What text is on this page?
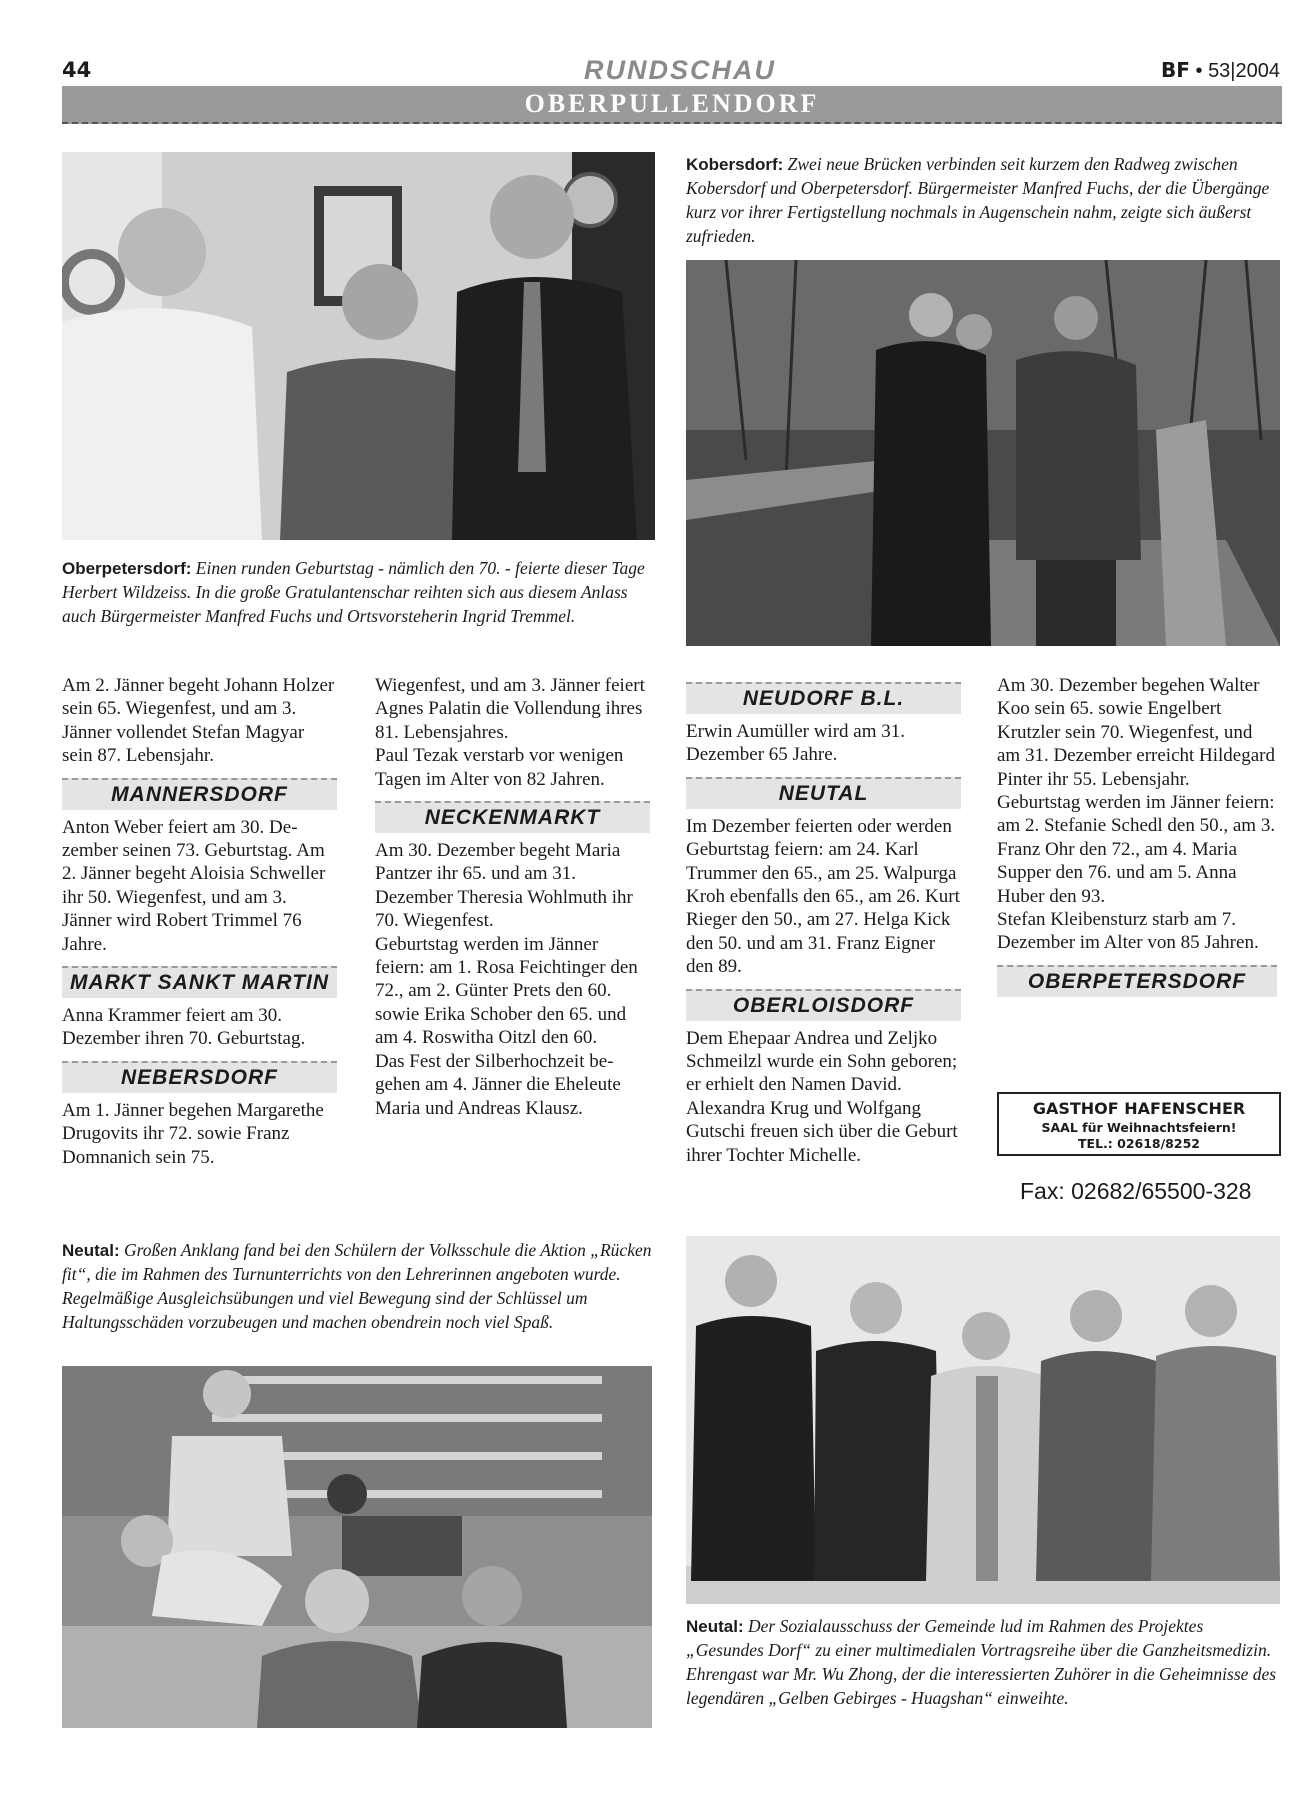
44	RUNDSCHAU	BF • 53|2004
OBERPULLENDORF
Oberpetersdorf: Einen runden Geburtstag - nämlich den 70. - feierte dieser Tage Herbert Wildzeiss. In die große Gratulantenschar reihten sich aus diesem Anlass auch Bürgermeister Manfred Fuchs und Ortsvorsteherin Ingrid Tremmel.
Kobersdorf: Zwei neue Brücken verbinden seit kurzem den Radweg zwischen Kobersdorf und Oberpetersdorf. Bürgermeister Manfred Fuchs, der die Übergänge kurz vor ihrer Fertigstellung nochmals in Augenschein nahm, zeigte sich äußerst zufrieden.

Am 2. Jänner begeht Johann Holzer sein 65. Wiegenfest, und am 3. Jänner vollendet Stefan Magyar sein 87. Lebensjahr.

MANNERSDORF

Anton Weber feiert am 30. Dezember seinen 73. Geburtstag. Am 2. Jänner begeht Aloisia Schweller ihr 50. Wiegenfest, und am 3. Jänner wird Robert Trimmel 76 Jahre.

MARKT SANKT MARTIN

Anna Krammer feiert am 30. Dezember ihren 70. Geburtstag.

NEBERSDORF

Am 1. Jänner begehen Margarethe Drugovits ihr 72. sowie Franz Domnanich sein 75.

Wiegenfest, und am 3. Jänner feiert Agnes Palatin die Vollendung ihres 81. Lebensjahres.

Paul Tezak verstarb vor wenigen Tagen im Alter von 82 Jahren.

NECKENMARKT

Am 30. Dezember begeht Maria Pantzer ihr 65. und am 31. Dezember Theresia Wohlmuth ihr 70. Wiegenfest.

Geburtstag werden im Jänner feiern: am 1. Rosa Feichtinger den 72., am 2. Günter Prets den 60. sowie Erika Schober den 65. und am 4. Roswitha Oitzl den 60.

Das Fest der Silberhochzeit begehen am 4. Jänner die Eheleute Maria und Andreas Klausz.

NEUDORF B.L.

Erwin Aumüller wird am 31. Dezember 65 Jahre.

NEUTAL

Im Dezember feierten oder werden Geburtstag feiern: am 24. Karl Trummer den 65., am 25. Walpurga Kroh ebenfalls den 65., am 26. Kurt Rieger den 50., am 27. Helga Kick den 50. und am 31. Franz Eigner den 89.

OBERLOISDORF

Dem Ehepaar Andrea und Zeljko Schmeilzl wurde ein Sohn geboren; er erhielt den Namen David. Alexandra Krug und Wolfgang Gutschi freuen sich über die Geburt ihrer Tochter Michelle.

Am 30. Dezember begehen Walter Koo sein 65. sowie Engelbert Krutzler sein 70. Wiegenfest, und am 31. Dezember erreicht Hildegard Pinter ihr 55. Lebensjahr.

Geburtstag werden im Jänner feiern: am 2. Stefanie Schedl den 50., am 3. Franz Ohr den 72., am 4. Maria Supper den 76. und am 5. Anna Huber den 93.

Stefan Kleibensturz starb am 7. Dezember im Alter von 85 Jahren.

OBERPETERSDORF
GASTHOF HAFENSCHER
SAAL für Weihnachtsfeiern!
TEL.: 02618/8252
Fax: 02682/65500-328
Neutal: Großen Anklang fand bei den Schülern der Volksschule die Aktion „Rücken fit“, die im Rahmen des Turnunterrichts von den Lehrerinnen angeboten wurde. Regelmäßige Ausgleichsübungen und viel Bewegung sind der Schlüssel um Haltungsschäden vorzubeugen und machen obendrein noch viel Spaß.
Neutal: Der Sozialausschuss der Gemeinde lud im Rahmen des Projektes „Gesundes Dorf“ zu einer multimedialen Vortragsreihe über die Ganzheitsmedizin. Ehrengast war Mr. Wu Zhong, der die interessierten Zuhörer in die Geheimnisse des legendären „Gelben Gebirges - Huagshan“ einweihte.
